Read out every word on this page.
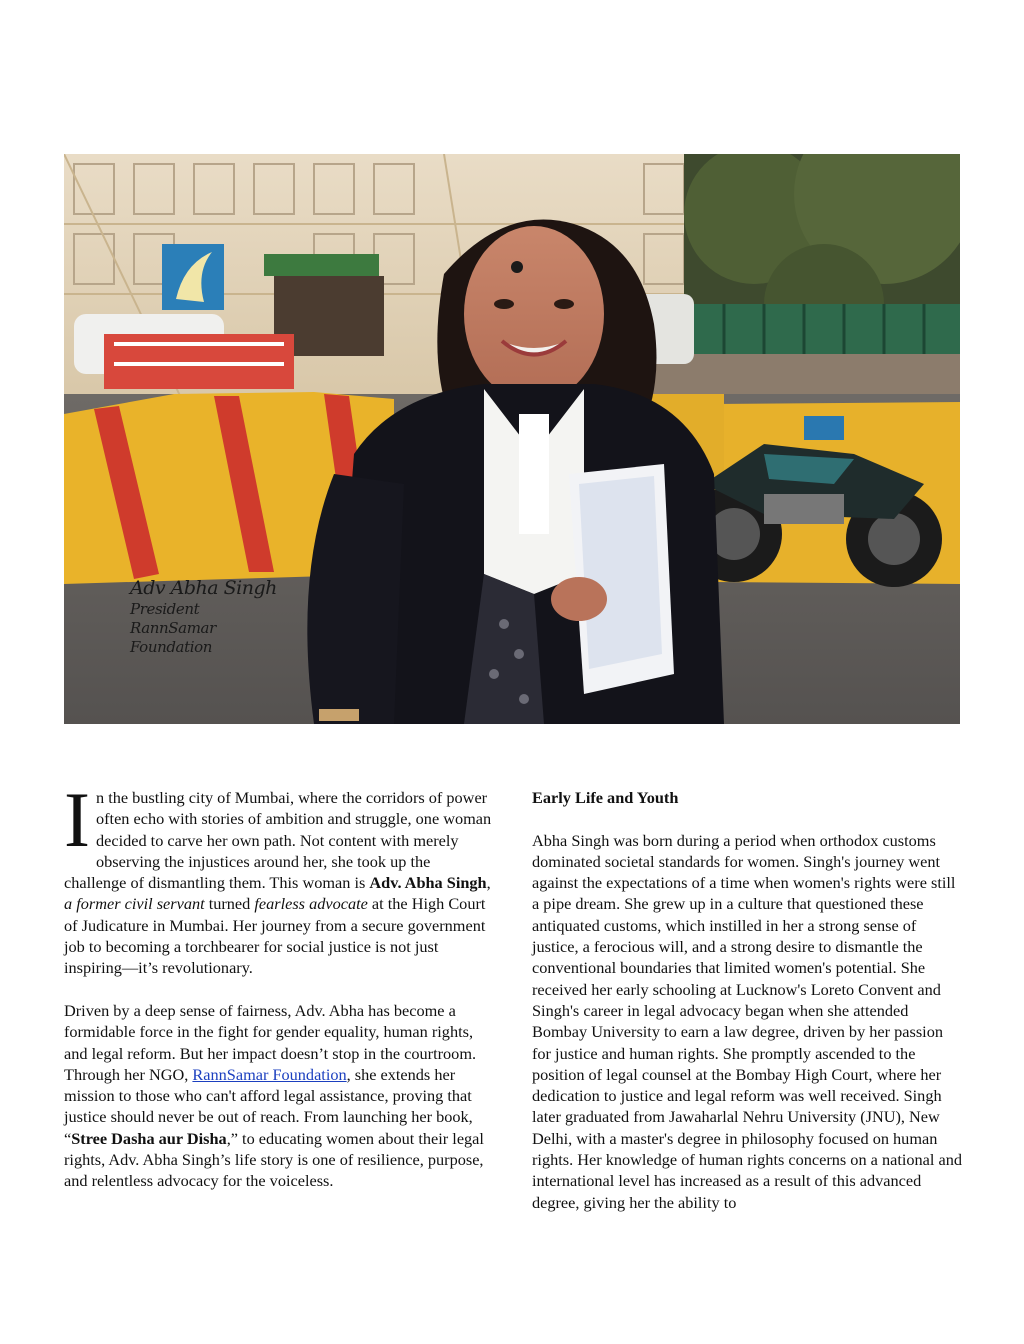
Adv Abha Singh
President
RannSamar
Foundation

In the bustling city of Mumbai, where the corridors of power often echo with stories of ambition and struggle, one woman decided to carve her own path. Not content with merely observing the injustices around her, she took up the challenge of dismantling them. This woman is Adv. Abha Singh, a former civil servant turned fearless advocate at the High Court of Judicature in Mumbai. Her journey from a secure government job to becoming a torchbearer for social justice is not just inspiring—it’s revolutionary.

Driven by a deep sense of fairness, Adv. Abha has become a formidable force in the fight for gender equality, human rights, and legal reform. But her impact doesn’t stop in the courtroom. Through her NGO, RannSamar Foundation, she extends her mission to those who can't afford legal assistance, proving that justice should never be out of reach. From launching her book, “Stree Dasha aur Disha,” to educating women about their legal rights, Adv. Abha Singh’s life story is one of resilience, purpose, and relentless advocacy for the voiceless.

Early Life and Youth

Abha Singh was born during a period when orthodox customs dominated societal standards for women. Singh's journey went against the expectations of a time when women's rights were still a pipe dream. She grew up in a culture that questioned these antiquated customs, which instilled in her a strong sense of justice, a ferocious will, and a strong desire to dismantle the conventional boundaries that limited women's potential. She received her early schooling at Lucknow's Loreto Convent and Singh's career in legal advocacy began when she attended Bombay University to earn a law degree, driven by her passion for justice and human rights. She promptly ascended to the position of legal counsel at the Bombay High Court, where her dedication to justice and legal reform was well received. Singh later graduated from Jawaharlal Nehru University (JNU), New Delhi, with a master's degree in philosophy focused on human rights. Her knowledge of human rights concerns on a national and international level has increased as a result of this advanced degree, giving her the ability to
